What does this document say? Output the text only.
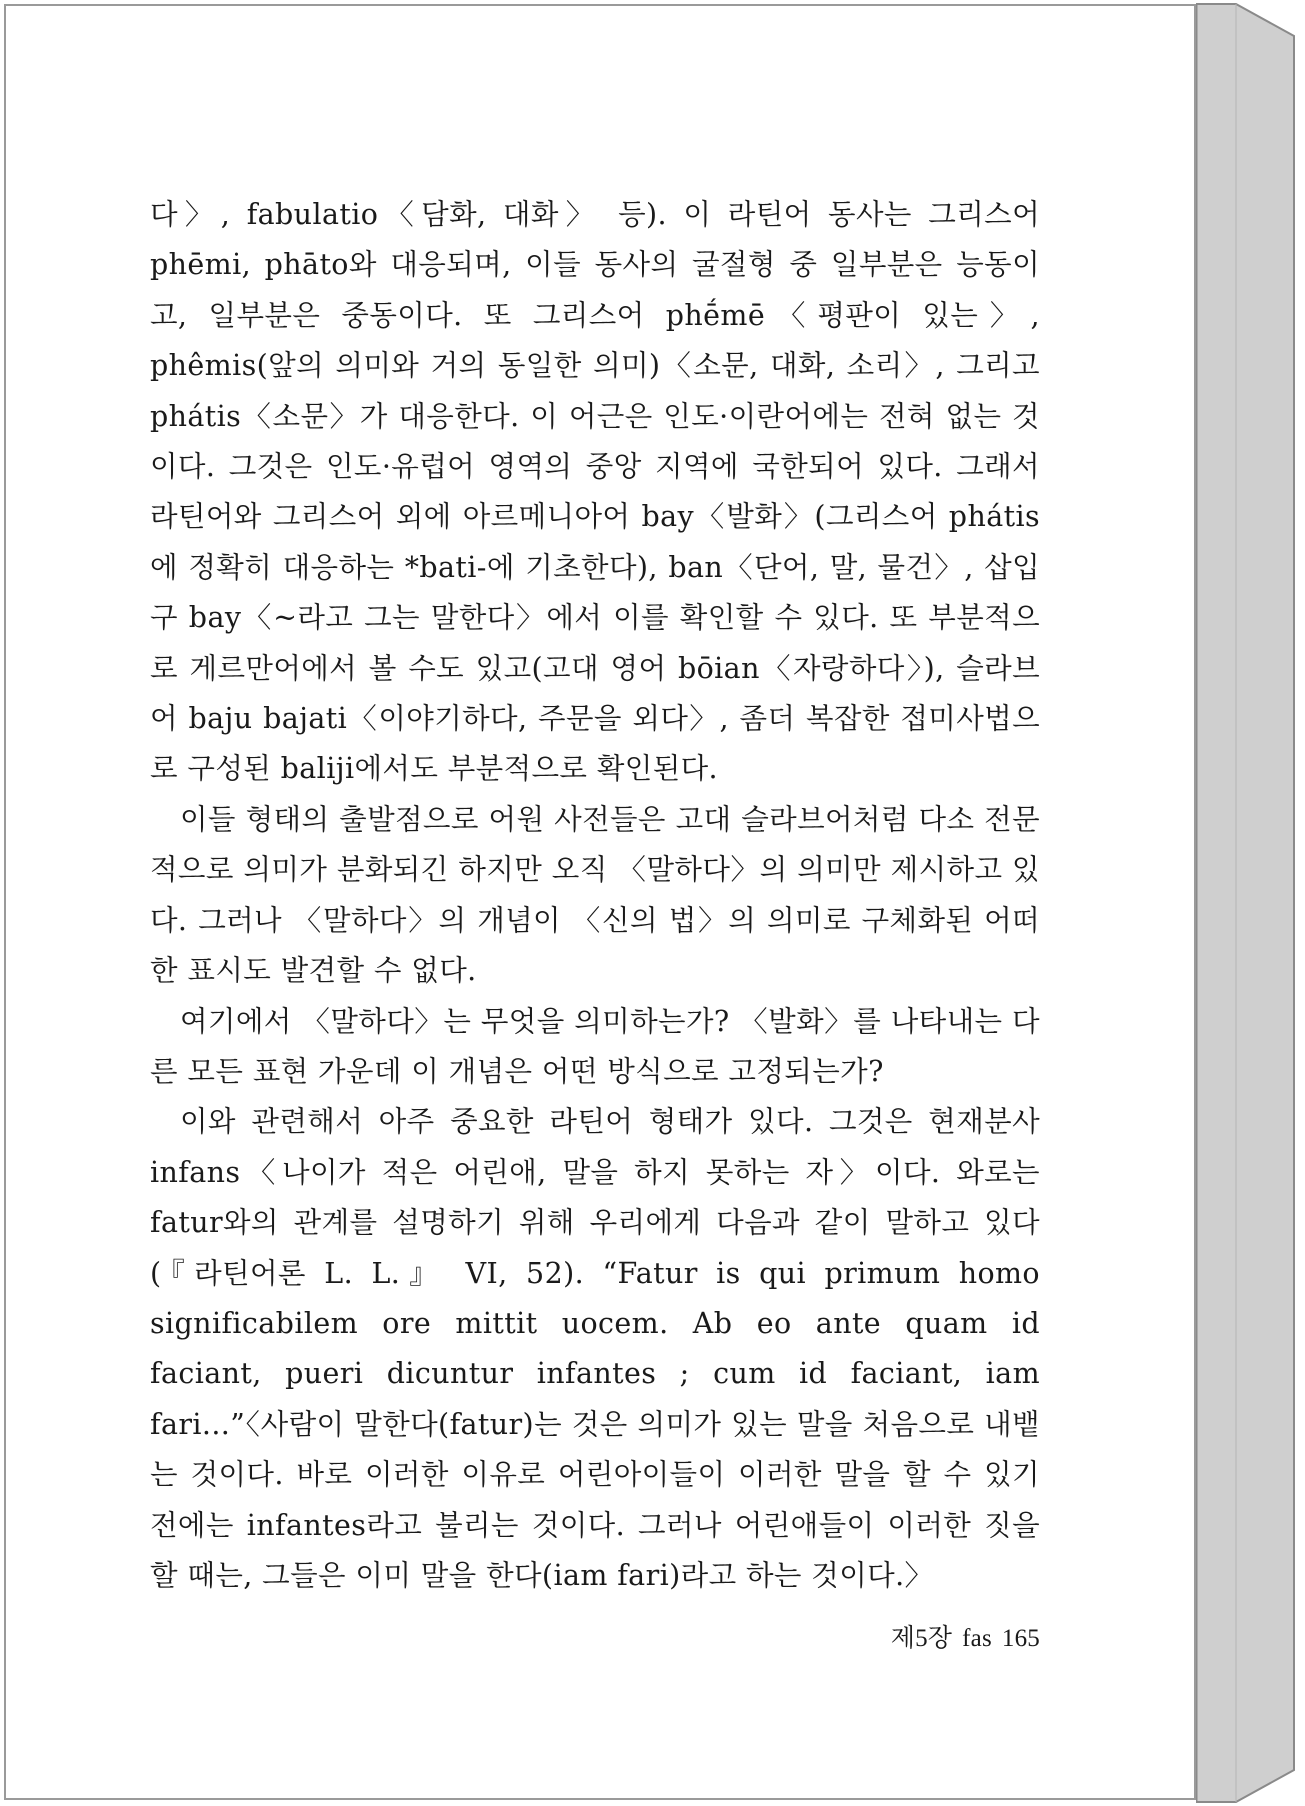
다〉, fabulatio〈담화, 대화〉 등). 이 라틴어 동사는 그리스어 phēmi, phāto와 대응되며, 이들 동사의 굴절형 중 일부분은 능동이고, 일부분은 중동이다. 또 그리스어 phḗmē〈평판이 있는〉, phêmis(앞의 의미와 거의 동일한 의미)〈소문, 대화, 소리〉, 그리고 phátis〈소문〉가 대응한다. 이 어근은 인도·이란어에는 전혀 없는 것이다. 그것은 인도·유럽어 영역의 중앙 지역에 국한되어 있다. 그래서 라틴어와 그리스어 외에 아르메니아어 bay〈발화〉(그리스어 phátis에 정확히 대응하는 *bati-에 기초한다), ban〈단어, 말, 물건〉, 삽입구 bay〈~라고 그는 말한다〉에서 이를 확인할 수 있다. 또 부분적으로 게르만어에서 볼 수도 있고(고대 영어 bōian〈자랑하다〉), 슬라브어 baju bajati〈이야기하다, 주문을 외다〉, 좀더 복잡한 접미사법으로 구성된 baliji에서도 부분적으로 확인된다.

이들 형태의 출발점으로 어원 사전들은 고대 슬라브어처럼 다소 전문적으로 의미가 분화되긴 하지만 오직 〈말하다〉의 의미만 제시하고 있다. 그러나 〈말하다〉의 개념이 〈신의 법〉의 의미로 구체화된 어떠한 표시도 발견할 수 없다.

여기에서 〈말하다〉는 무엇을 의미하는가? 〈발화〉를 나타내는 다른 모든 표현 가운데 이 개념은 어떤 방식으로 고정되는가?

이와 관련해서 아주 중요한 라틴어 형태가 있다. 그것은 현재분사 infans〈나이가 적은 어린애, 말을 하지 못하는 자〉이다. 와로는 fatur와의 관계를 설명하기 위해 우리에게 다음과 같이 말하고 있다(『라틴어론 L. L.』 VI, 52). “Fatur is qui primum homo significabilem ore mittit uocem. Ab eo ante quam id faciant, pueri dicuntur infantes ; cum id faciant, iam fari...”〈사람이 말한다(fatur)는 것은 의미가 있는 말을 처음으로 내뱉는 것이다. 바로 이러한 이유로 어린아이들이 이러한 말을 할 수 있기 전에는 infantes라고 불리는 것이다. 그러나 어린애들이 이러한 짓을 할 때는, 그들은 이미 말을 한다(iam fari)라고 하는 것이다.〉

제5장 fas 165
